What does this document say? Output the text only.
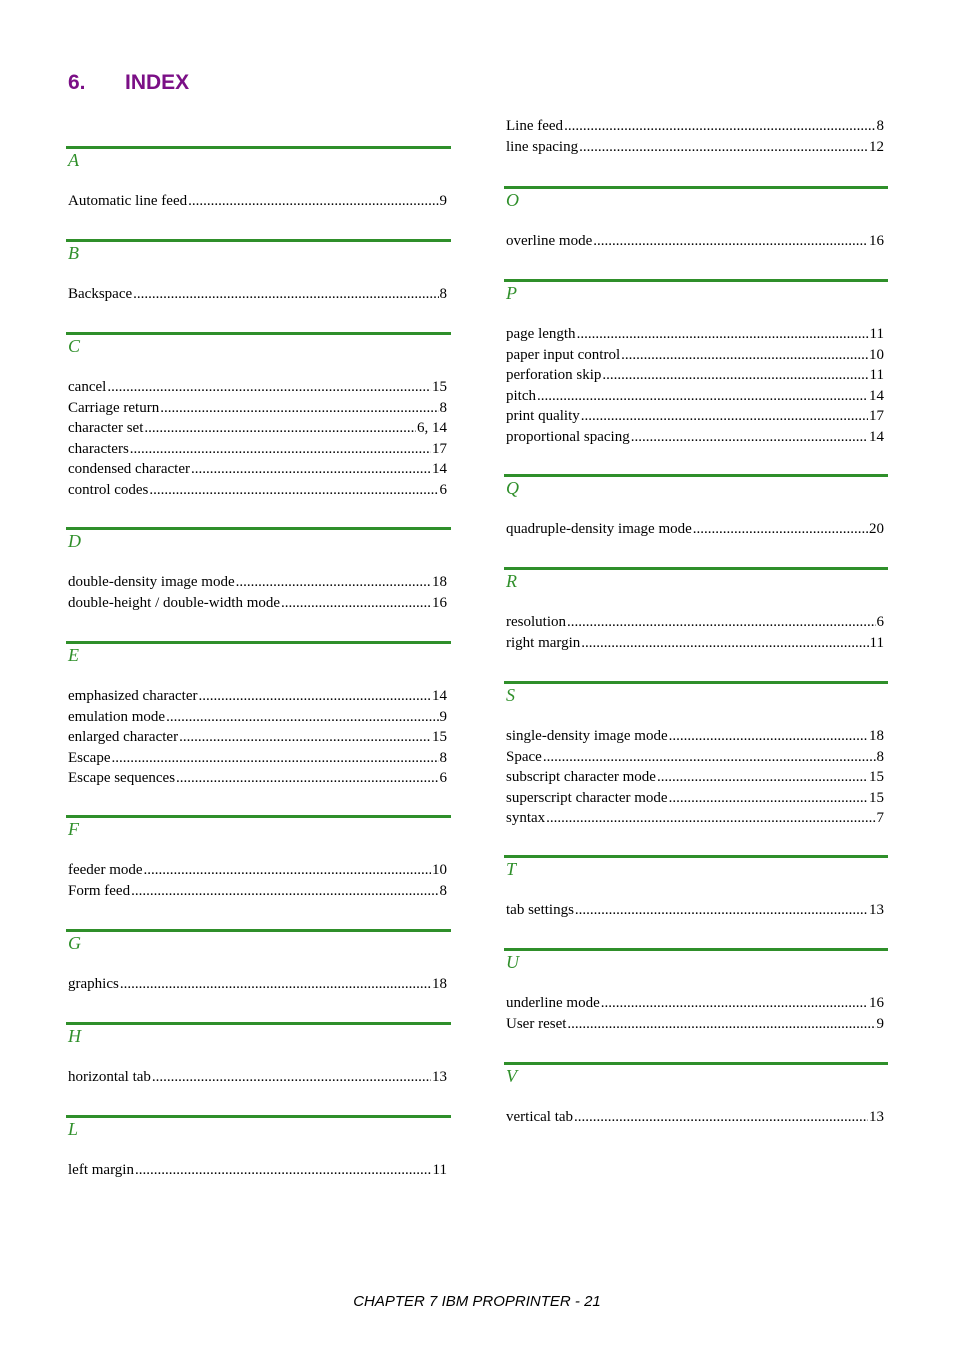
6.	INDEX
A
Automatic line feed .....	9
B
Backspace .....	8
C
cancel .....	15
Carriage return .....	8
character set .....	6, 14
characters .....	17
condensed character .....	14
control codes .....	6
D
double-density image mode .....	18
double-height / double-width mode .....	16
E
emphasized character .....	14
emulation mode .....	9
enlarged character .....	15
Escape .....	8
Escape sequences .....	6
F
feeder mode .....	10
Form feed .....	8
G
graphics .....	18
H
horizontal tab .....	13
L
left margin .....	11
Line feed .....	8
line spacing .....	12
O
overline mode .....	16
P
page length .....	11
paper input control .....	10
perforation skip .....	11
pitch .....	14
print quality .....	17
proportional spacing .....	14
Q
quadruple-density image mode .....	20
R
resolution .....	6
right margin .....	11
S
single-density image mode .....	18
Space .....	8
subscript character mode .....	15
superscript character mode .....	15
syntax .....	7
T
tab settings .....	13
U
underline mode .....	16
User reset .....	9
V
vertical tab .....	13
CHAPTER 7 IBM PROPRINTER - 21
